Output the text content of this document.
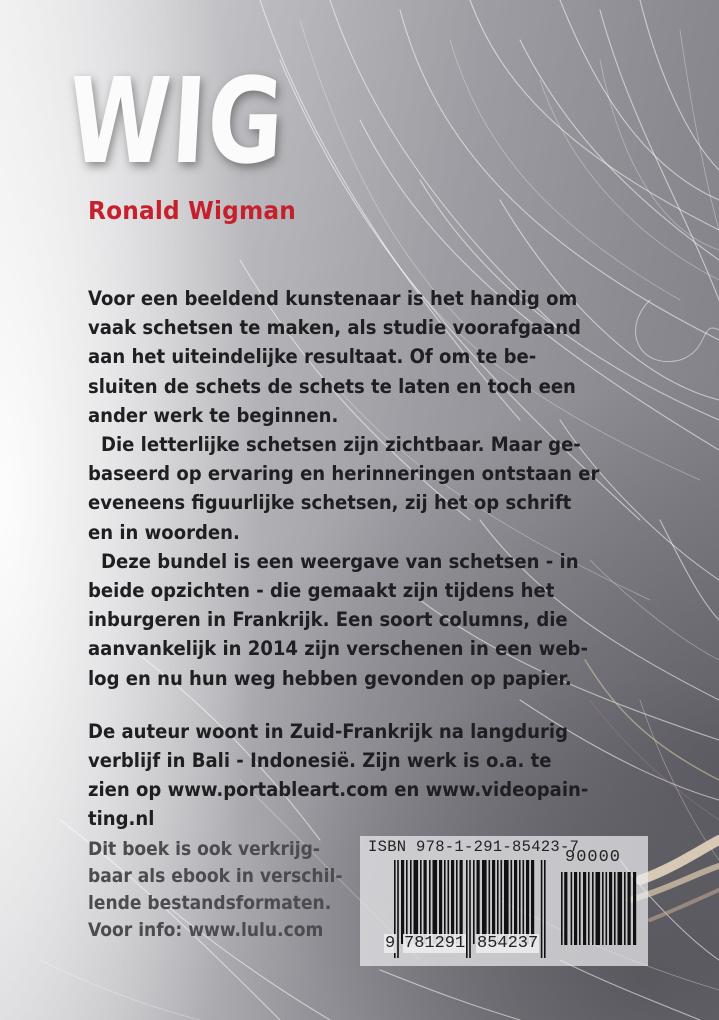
WIG
Ronald Wigman
Voor een beeldend kunstenaar is het handig om
vaak schetsen te maken, als studie voorafgaand
aan het uiteindelijke resultaat. Of om te be-
sluiten de schets de schets te laten en toch een
ander werk te beginnen.
Die letterlijke schetsen zijn zichtbaar. Maar ge-
baseerd op ervaring en herinneringen ontstaan er
eveneens figuurlijke schetsen, zij het op schrift
en in woorden.
Deze bundel is een weergave van schetsen - in
beide opzichten - die gemaakt zijn tijdens het
inburgeren in Frankrijk. Een soort columns, die
aanvankelijk in 2014 zijn verschenen in een web-
log en nu hun weg hebben gevonden op papier.
De auteur woont in Zuid-Frankrijk na langdurig
verblijf in Bali - Indonesië. Zijn werk is o.a. te
zien op www.portableart.com en www.videopain-
ting.nl
Dit boek is ook verkrijg-
baar als ebook in verschil-
lende bestandsformaten.
Voor info: www.lulu.com
ISBN 978-1-291-85423-7
90000
9 781291 854237
